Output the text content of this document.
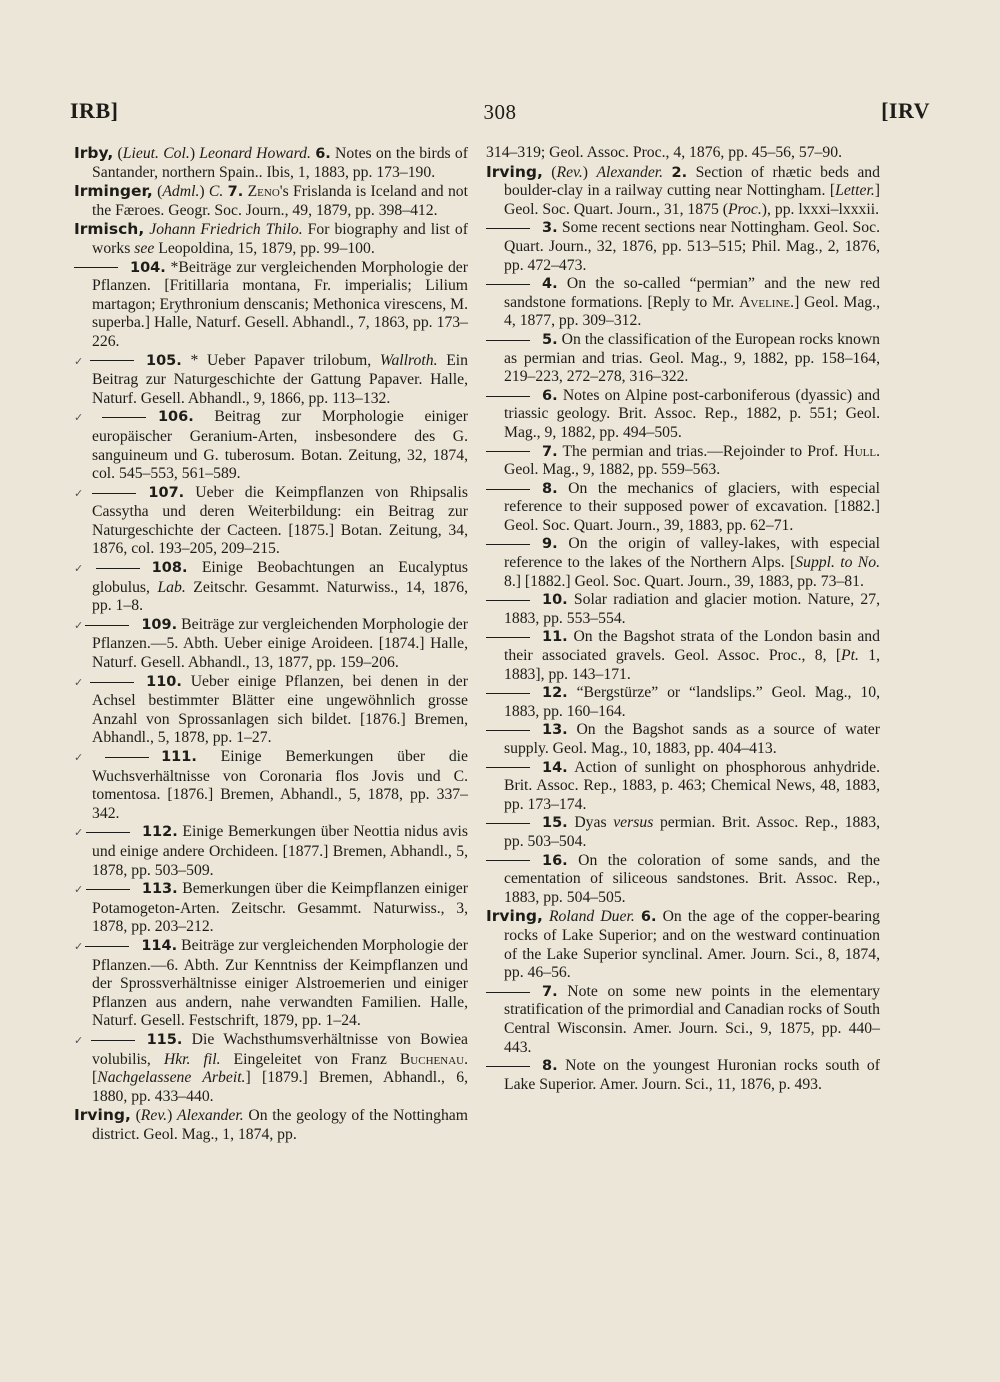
IRB]	308	[IRV

Irby, (Lieut. Col.) Leonard Howard. 6. Notes on the birds of Santander, northern Spain.. Ibis, 1, 1883, pp. 173–190.

Irminger, (Adml.) C. 7. Zeno's Frislanda is Iceland and not the Færoes. Geogr. Soc. Journ., 49, 1879, pp. 398–412.

Irmisch, Johann Friedrich Thilo. For biography and list of works see Leopoldina, 15, 1879, pp. 99–100.

104. *Beiträge zur vergleichenden Morphologie der Pflanzen. [Fritillaria montana, Fr. imperialis; Lilium martagon; Erythronium denscanis; Methonica virescens, M. superba.] Halle, Naturf. Gesell. Abhandl., 7, 1863, pp. 173–226.

✓	105. * Ueber Papaver trilobum, Wallroth. Ein Beitrag zur Naturgeschichte der Gattung Papaver. Halle, Naturf. Gesell. Abhandl., 9, 1866, pp. 113–132.

✓	106. Beitrag zur Morphologie einiger europäischer Geranium-Arten, insbesondere des G. sanguineum und G. tuberosum. Botan. Zeitung, 32, 1874, col. 545–553, 561–589.

✓	107. Ueber die Keimpflanzen von Rhipsalis Cassytha und deren Weiterbildung: ein Beitrag zur Naturgeschichte der Cacteen. [1875.] Botan. Zeitung, 34, 1876, col. 193–205, 209–215.

✓	108. Einige Beobachtungen an Eucalyptus globulus, Lab. Zeitschr. Gesammt. Naturwiss., 14, 1876, pp. 1–8.

✓	109. Beiträge zur vergleichenden Morphologie der Pflanzen.—5. Abth. Ueber einige Aroideen. [1874.] Halle, Naturf. Gesell. Abhandl., 13, 1877, pp. 159–206.

✓	110. Ueber einige Pflanzen, bei denen in der Achsel bestimmter Blätter eine ungewöhnlich grosse Anzahl von Sprossanlagen sich bildet. [1876.] Bremen, Abhandl., 5, 1878, pp. 1–27.

✓	111. Einige Bemerkungen über die Wuchsverhältnisse von Coronaria flos Jovis und C. tomentosa. [1876.] Bremen, Abhandl., 5, 1878, pp. 337–342.

✓	112. Einige Bemerkungen über Neottia nidus avis und einige andere Orchideen. [1877.] Bremen, Abhandl., 5, 1878, pp. 503–509.

✓	113. Bemerkungen über die Keimpflanzen einiger Potamogeton-Arten. Zeitschr. Gesammt. Naturwiss., 3, 1878, pp. 203–212.

✓	114. Beiträge zur vergleichenden Morphologie der Pflanzen.—6. Abth. Zur Kenntniss der Keimpflanzen und der Sprossverhältnisse einiger Alstroemerien und einiger Pflanzen aus andern, nahe verwandten Familien. Halle, Naturf. Gesell. Festschrift, 1879, pp. 1–24.

✓	115. Die Wachsthumsverhältnisse von Bowiea volubilis, Hkr. fil. Eingeleitet von Franz Buchenau. [Nachgelassene Arbeit.] [1879.] Bremen, Abhandl., 6, 1880, pp. 433–440.

Irving, (Rev.) Alexander. On the geology of the Nottingham district. Geol. Mag., 1, 1874, pp.

314–319; Geol. Assoc. Proc., 4, 1876, pp. 45–56, 57–90.

Irving, (Rev.) Alexander. 2. Section of rhætic beds and boulder-clay in a railway cutting near Nottingham. [Letter.] Geol. Soc. Quart. Journ., 31, 1875 (Proc.), pp. lxxxi–lxxxii.

3. Some recent sections near Nottingham. Geol. Soc. Quart. Journ., 32, 1876, pp. 513–515; Phil. Mag., 2, 1876, pp. 472–473.

4. On the so-called “permian” and the new red sandstone formations. [Reply to Mr. Aveline.] Geol. Mag., 4, 1877, pp. 309–312.

5. On the classification of the European rocks known as permian and trias. Geol. Mag., 9, 1882, pp. 158–164, 219–223, 272–278, 316–322.

6. Notes on Alpine post-carboniferous (dyassic) and triassic geology. Brit. Assoc. Rep., 1882, p. 551; Geol. Mag., 9, 1882, pp. 494–505.

7. The permian and trias.—Rejoinder to Prof. Hull. Geol. Mag., 9, 1882, pp. 559–563.

8. On the mechanics of glaciers, with especial reference to their supposed power of excavation. [1882.] Geol. Soc. Quart. Journ., 39, 1883, pp. 62–71.

9. On the origin of valley-lakes, with especial reference to the lakes of the Northern Alps. [Suppl. to No. 8.] [1882.] Geol. Soc. Quart. Journ., 39, 1883, pp. 73–81.

10. Solar radiation and glacier motion. Nature, 27, 1883, pp. 553–554.

11. On the Bagshot strata of the London basin and their associated gravels. Geol. Assoc. Proc., 8, [Pt. 1, 1883], pp. 143–171.

12. “Bergstürze” or “landslips.” Geol. Mag., 10, 1883, pp. 160–164.

13. On the Bagshot sands as a source of water supply. Geol. Mag., 10, 1883, pp. 404–413.

14. Action of sunlight on phosphorous anhydride. Brit. Assoc. Rep., 1883, p. 463; Chemical News, 48, 1883, pp. 173–174.

15. Dyas versus permian. Brit. Assoc. Rep., 1883, pp. 503–504.

16. On the coloration of some sands, and the cementation of siliceous sandstones. Brit. Assoc. Rep., 1883, pp. 504–505.

Irving, Roland Duer. 6. On the age of the copper-bearing rocks of Lake Superior; and on the westward continuation of the Lake Superior synclinal. Amer. Journ. Sci., 8, 1874, pp. 46–56.

7. Note on some new points in the elementary stratification of the primordial and Canadian rocks of South Central Wisconsin. Amer. Journ. Sci., 9, 1875, pp. 440–443.

8. Note on the youngest Huronian rocks south of Lake Superior. Amer. Journ. Sci., 11, 1876, p. 493.
